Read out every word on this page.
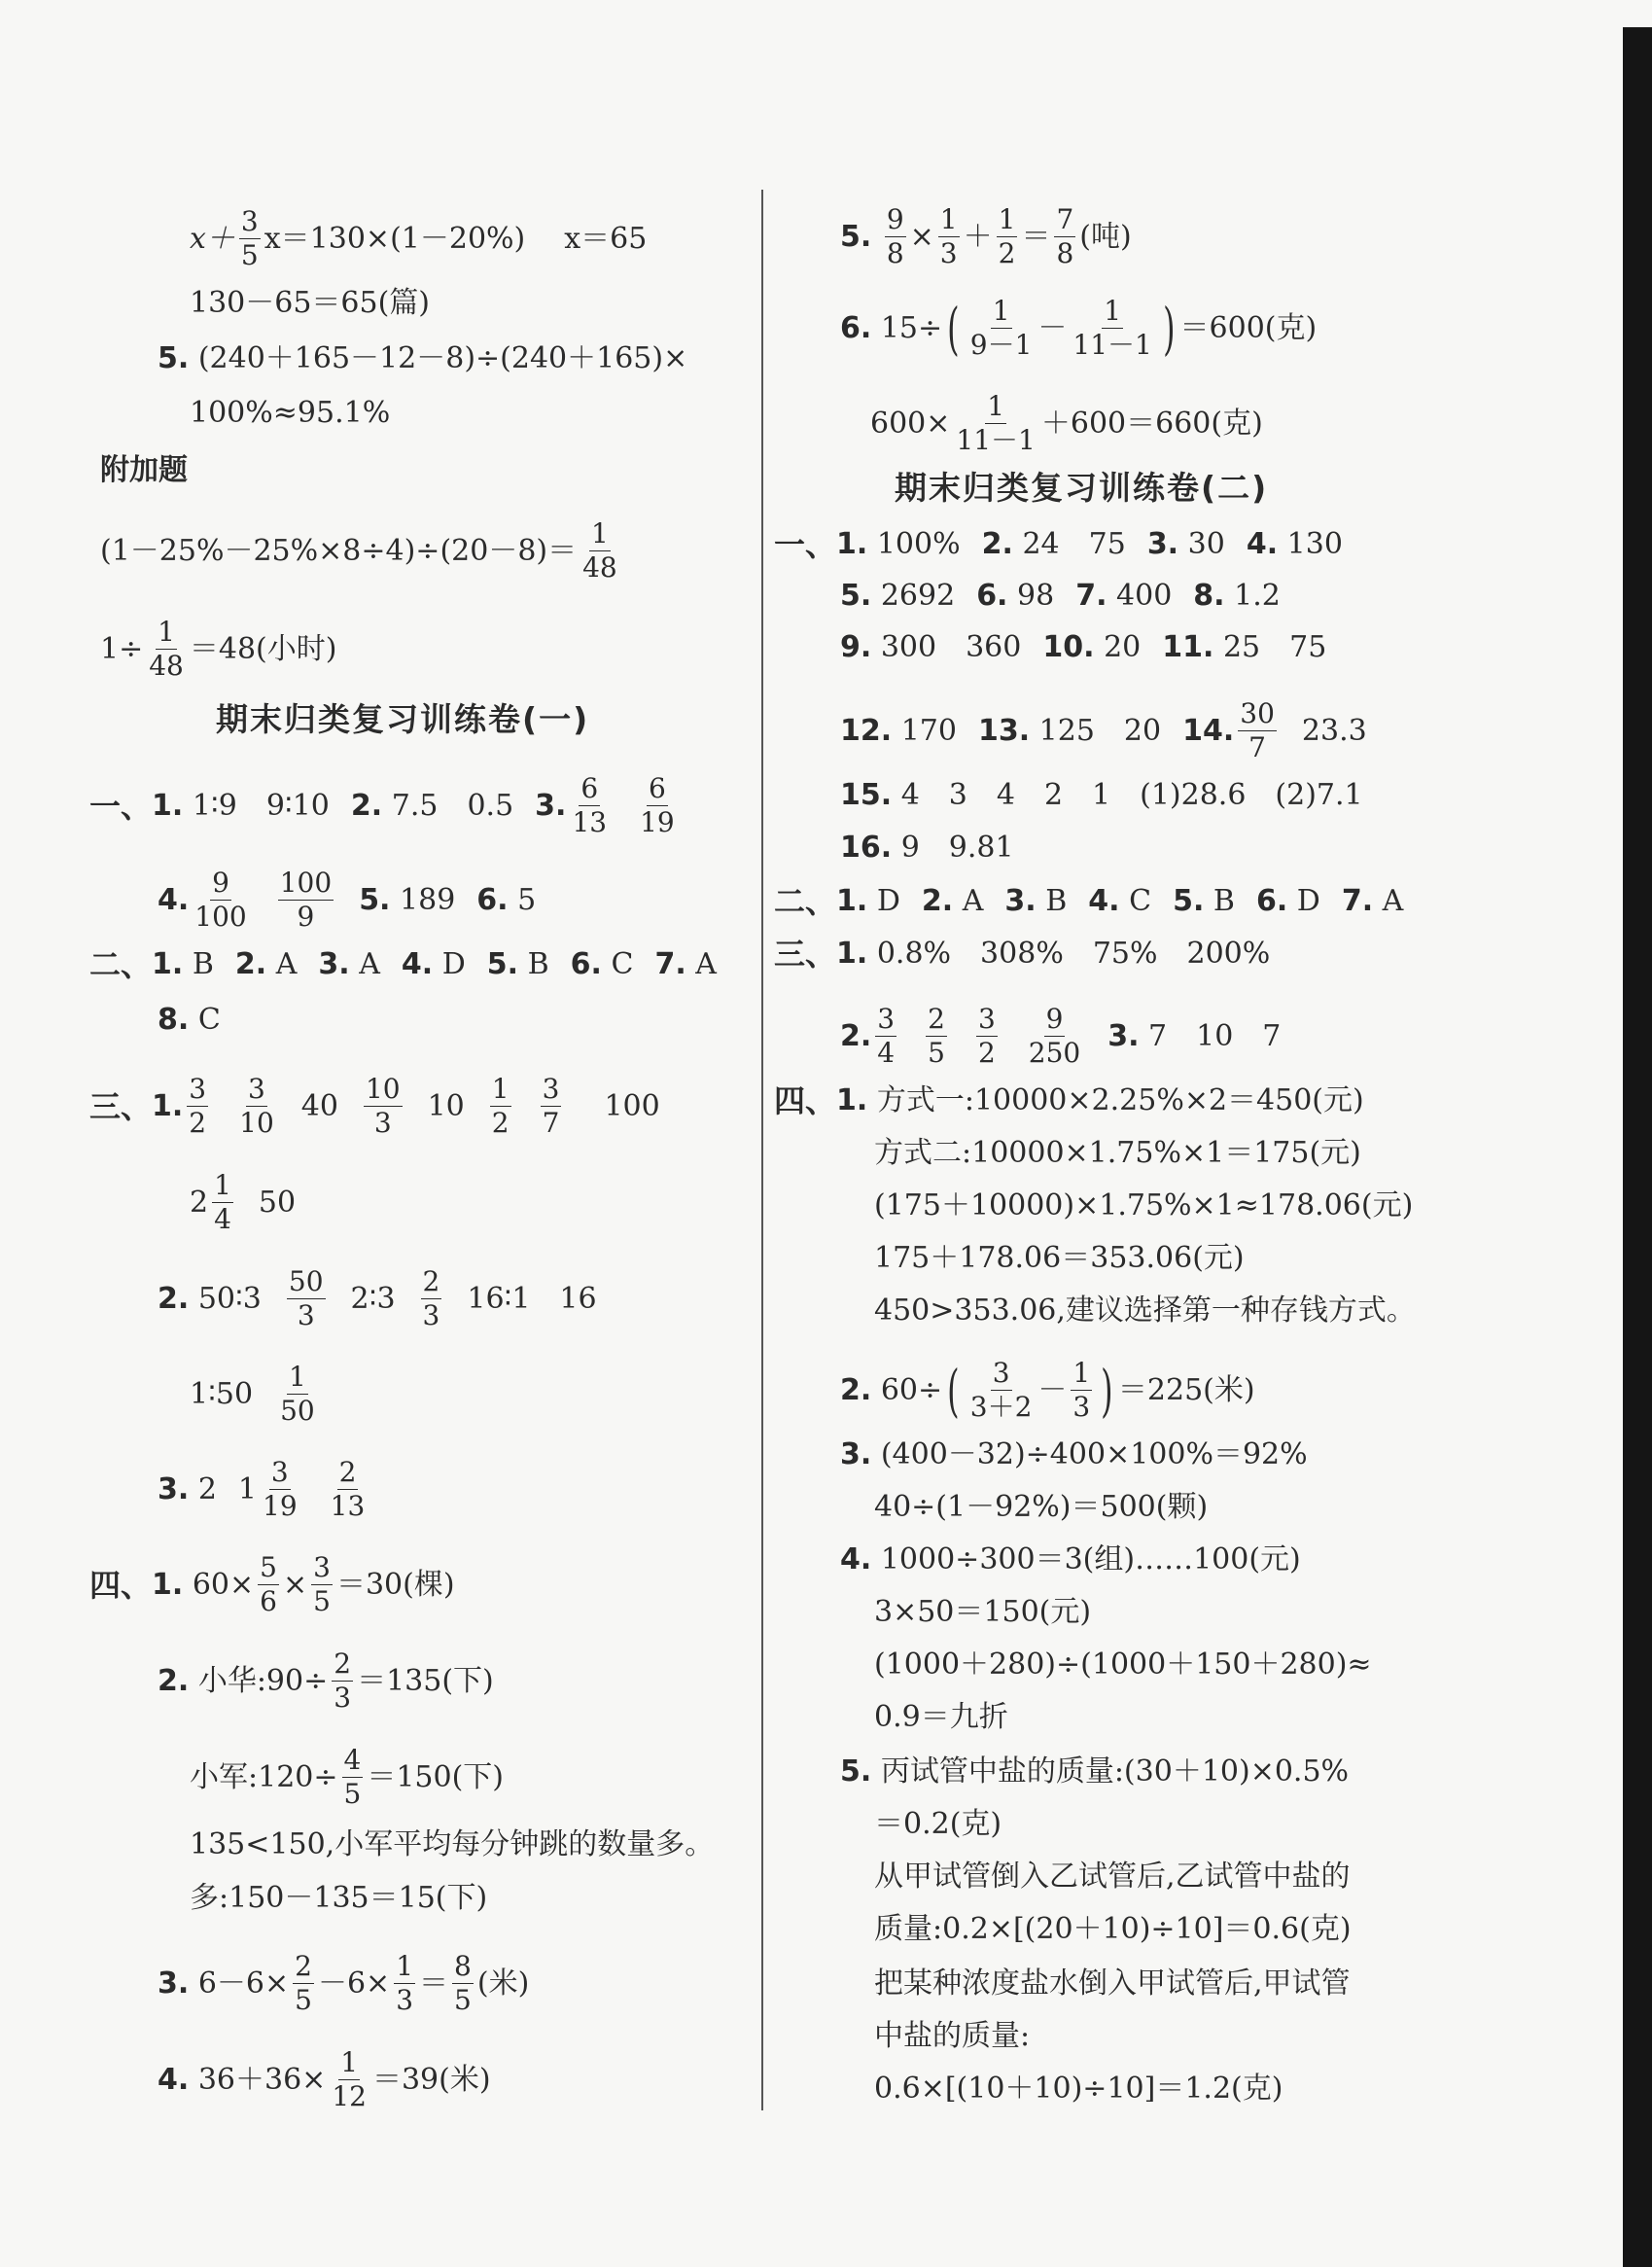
$x+ \frac{3}{5} x=130\times(1-20\%)$ x＝65
130－65＝65(篇)
5.
(240＋165－12－8)÷(240＋165)×
100%≈95.1%
附加题
$(1-25\%-25\%\times 8\div 4)\div(20-8)= \frac{1}{48}$
$1\div \frac{1}{48} =48$(小时)
期末归类复习训练卷(一)
一、 1.
1∶9　9∶10 2.
7.5　0.5 3. $\frac{6}{13} \frac{6}{19}$
4. $\frac{9}{100} \frac{100}{9} 5$.
189 6.
5
二、 1.
B 2.
A 3.
A 4.
D 5.
B 6.
C 7.
A
8.
C
三、 1. $\frac{3}{2} \frac{3}{10} 40 \frac{10}{3} 10 \frac{1}{2} \frac{3}{7} 100$
$2 \frac{1}{4} 50$
2.
50∶3 $\frac{50}{3}$ 2∶3 $\frac{2}{3}$ 16∶1　16
1∶50 $\frac{1}{50}$
3.
2 $1 \frac{3}{19} \frac{2}{13}$
四、 1.
$60\times \frac{5}{6} \times \frac{3}{5} =30$(棵)
2.
小华:90÷ $\frac{2}{3} =135$(下)
小军:120÷ $\frac{4}{5} =150$(下)
135<150,小军平均每分钟跳的数量多。
多:150－135＝15(下)
3.
$6-6\times \frac{2}{5} -6\times \frac{1}{3} = \frac{8}{5}$ (米)
4.
$36+36\times \frac{1}{12} =39$(米)
5.
$\frac{9}{8} \times \frac{1}{3} + \frac{1}{2} = \frac{7}{8}$ (吨)
6.
15÷ ( $\frac{1}{9-1} - \frac{1}{11-1}$ ) ＝600(克)
$600\times \frac{1}{11-1} +600=660$(克)
期末归类复习训练卷(二)
一、 1.
100% 2.
24　75 3.
30 4.
130
5.
2692 6.
98 7.
400 8.
1.2
9.
300　360 10.
20 11.
25　75
12.
170 13.
125　20 14. $\frac{30}{7} 23.3$
15.
4　3　4　2　1　(1)28.6　(2)7.1
16.
9　9.81
二、 1.
D 2.
A 3.
B 4.
C 5.
B 6.
D 7.
A
三、 1.
0.8%　308%　75%　200%
2. $\frac{3}{4} \frac{2}{5} \frac{3}{2} \frac{9}{250} 3$.
7　10　7
四、 1.
方式一:10000×2.25%×2＝450(元)
方式二:10000×1.75%×1＝175(元)
(175＋10000)×1.75%×1≈178.06(元)
175＋178.06＝353.06(元)
450>353.06,建议选择第一种存钱方式。
2.
60÷ ( $\frac{3}{3+2} - \frac{1}{3}$ ) ＝225(米)
3.
(400－32)÷400×100%＝92%
40÷(1－92%)＝500(颗)
4.
1000÷300＝3(组)……100(元)
3×50＝150(元)
(1000＋280)÷(1000＋150＋280)≈
0.9＝九折
5.
丙试管中盐的质量:(30＋10)×0.5%
＝0.2(克)
从甲试管倒入乙试管后,乙试管中盐的
质量:0.2×[(20＋10)÷10]＝0.6(克)
把某种浓度盐水倒入甲试管后,甲试管
中盐的质量:
0.6×[(10＋10)÷10]＝1.2(克)
